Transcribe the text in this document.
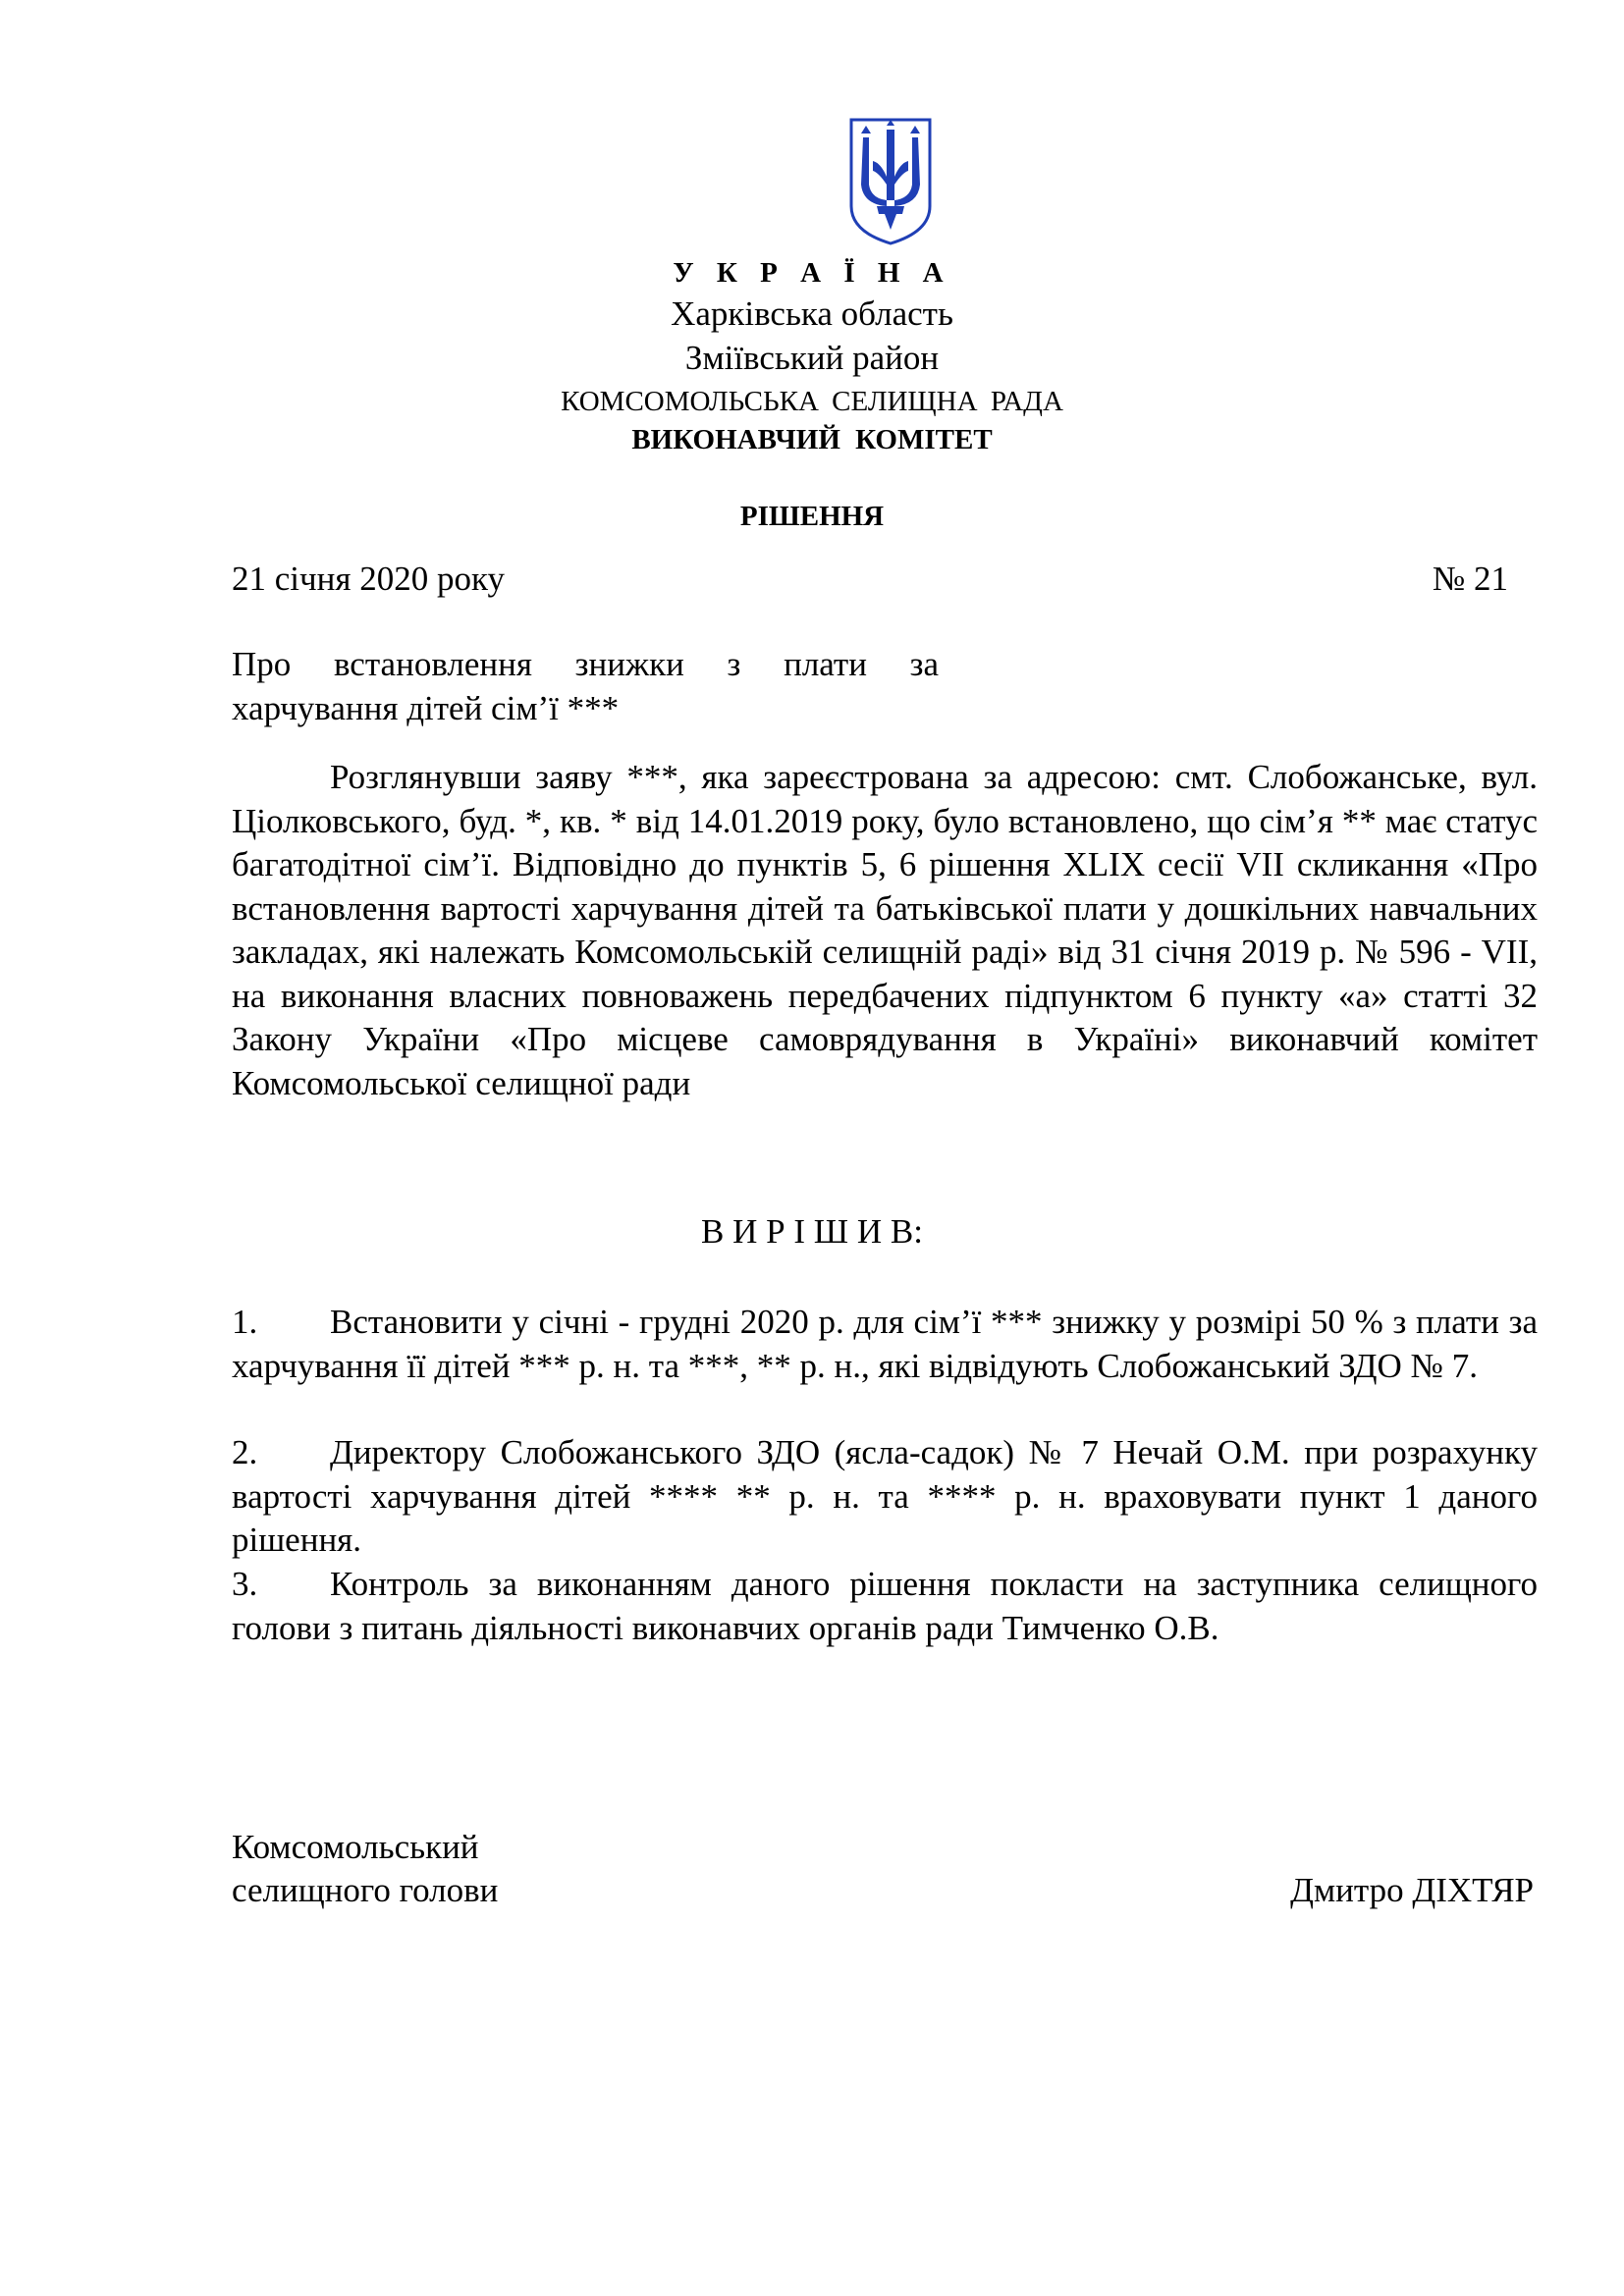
У К Р А Ї Н А
Харківська область
Зміївський район
КОМСОМОЛЬСЬКА СЕЛИЩНА РАДА
ВИКОНАВЧИЙ КОМІТЕТ
РІШЕННЯ
21 січня 2020 року	№ 21
Про встановлення знижки з плати за харчування дітей сім’ї ***
Розглянувши заяву ***, яка зареєстрована за адресою: смт. Слобожанське, вул. Ціолковського, буд. *, кв. * від 14.01.2019 року, було встановлено, що сім’я ** має статус багатодітної сім’ї. Відповідно до пунктів 5, 6 рішення XLIX сесії VII скликання «Про встановлення вартості харчування дітей та батьківської плати у дошкільних навчальних закладах, які належать Комсомольській селищній раді» від 31 січня 2019 р. № 596 - VII, на виконання власних повноважень передбачених підпунктом 6 пункту «а» статті 32 Закону України «Про місцеве самоврядування в Україні» виконавчий комітет Комсомольської селищної ради
В И Р І Ш И В:
1. Встановити у січні - грудні 2020 р. для сім’ї *** знижку у розмірі 50 % з плати за харчування її дітей *** р. н. та ***, ** р. н., які відвідують Слобожанський ЗДО № 7.
2. Директору Слобожанського ЗДО (ясла-садок) № 7 Нечай О.М. при розрахунку вартості харчування дітей **** ** р. н. та **** р. н. враховувати пункт 1 даного рішення.
3. Контроль за виконанням даного рішення покласти на заступника селищного голови з питань діяльності виконавчих органів ради Тимченко О.В.
Комсомольський
селищного голови	Дмитро ДІХТЯР
